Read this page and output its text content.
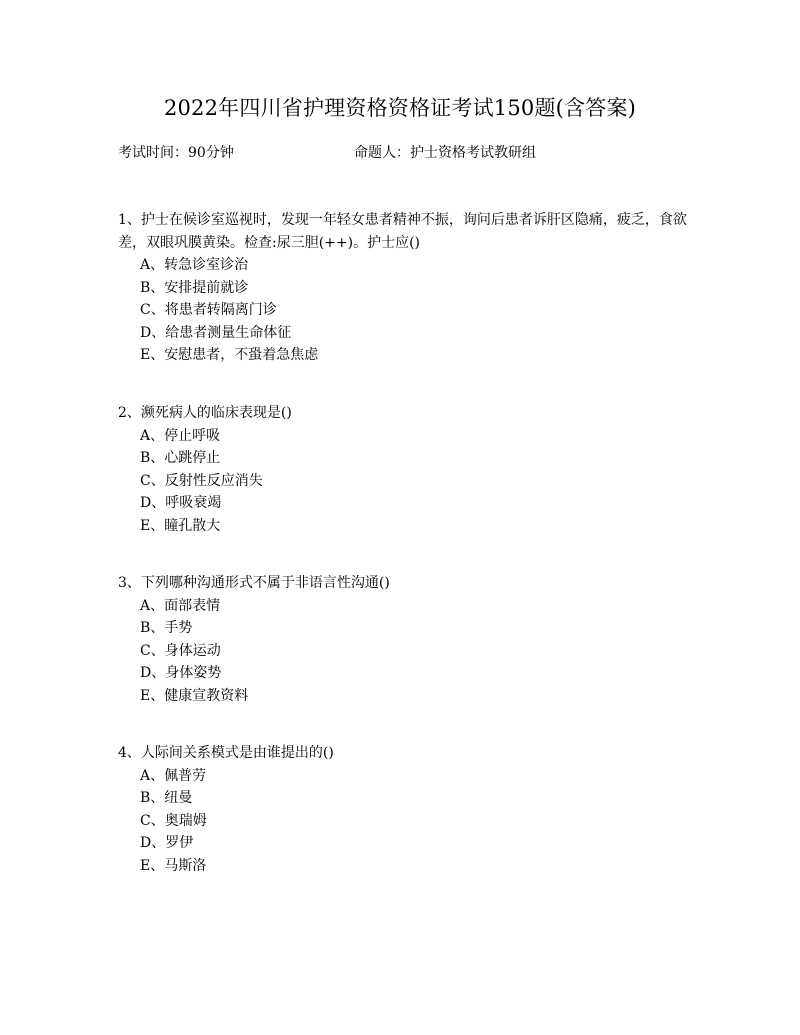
2022年四川省护理资格资格证考试150题(含答案)
考试时间：90分钟	命题人：护士资格考试教研组

1、护士在候诊室巡视时，发现一年轻女患者精神不振，询问后患者诉肝区隐痛，疲乏，食欲差，双眼巩膜黄染。检查:尿三胆(++)。护士应()

A、转急诊室诊治
B、安排提前就诊
C、将患者转隔离门诊
D、给患者测量生命体征
E、安慰患者，不蛩着急焦虑

2、濒死病人的临床表现是()

A、停止呼吸
B、心跳停止
C、反射性反应消失
D、呼吸衰竭
E、瞳孔散大

3、下列哪种沟通形式不属于非语言性沟通()

A、面部表情
B、手势
C、身体运动
D、身体姿势
E、健康宣教资料

4、人际间关系模式是由谁提出的()

A、佩普劳
B、纽曼
C、奥瑞姆
D、罗伊
E、马斯洛
